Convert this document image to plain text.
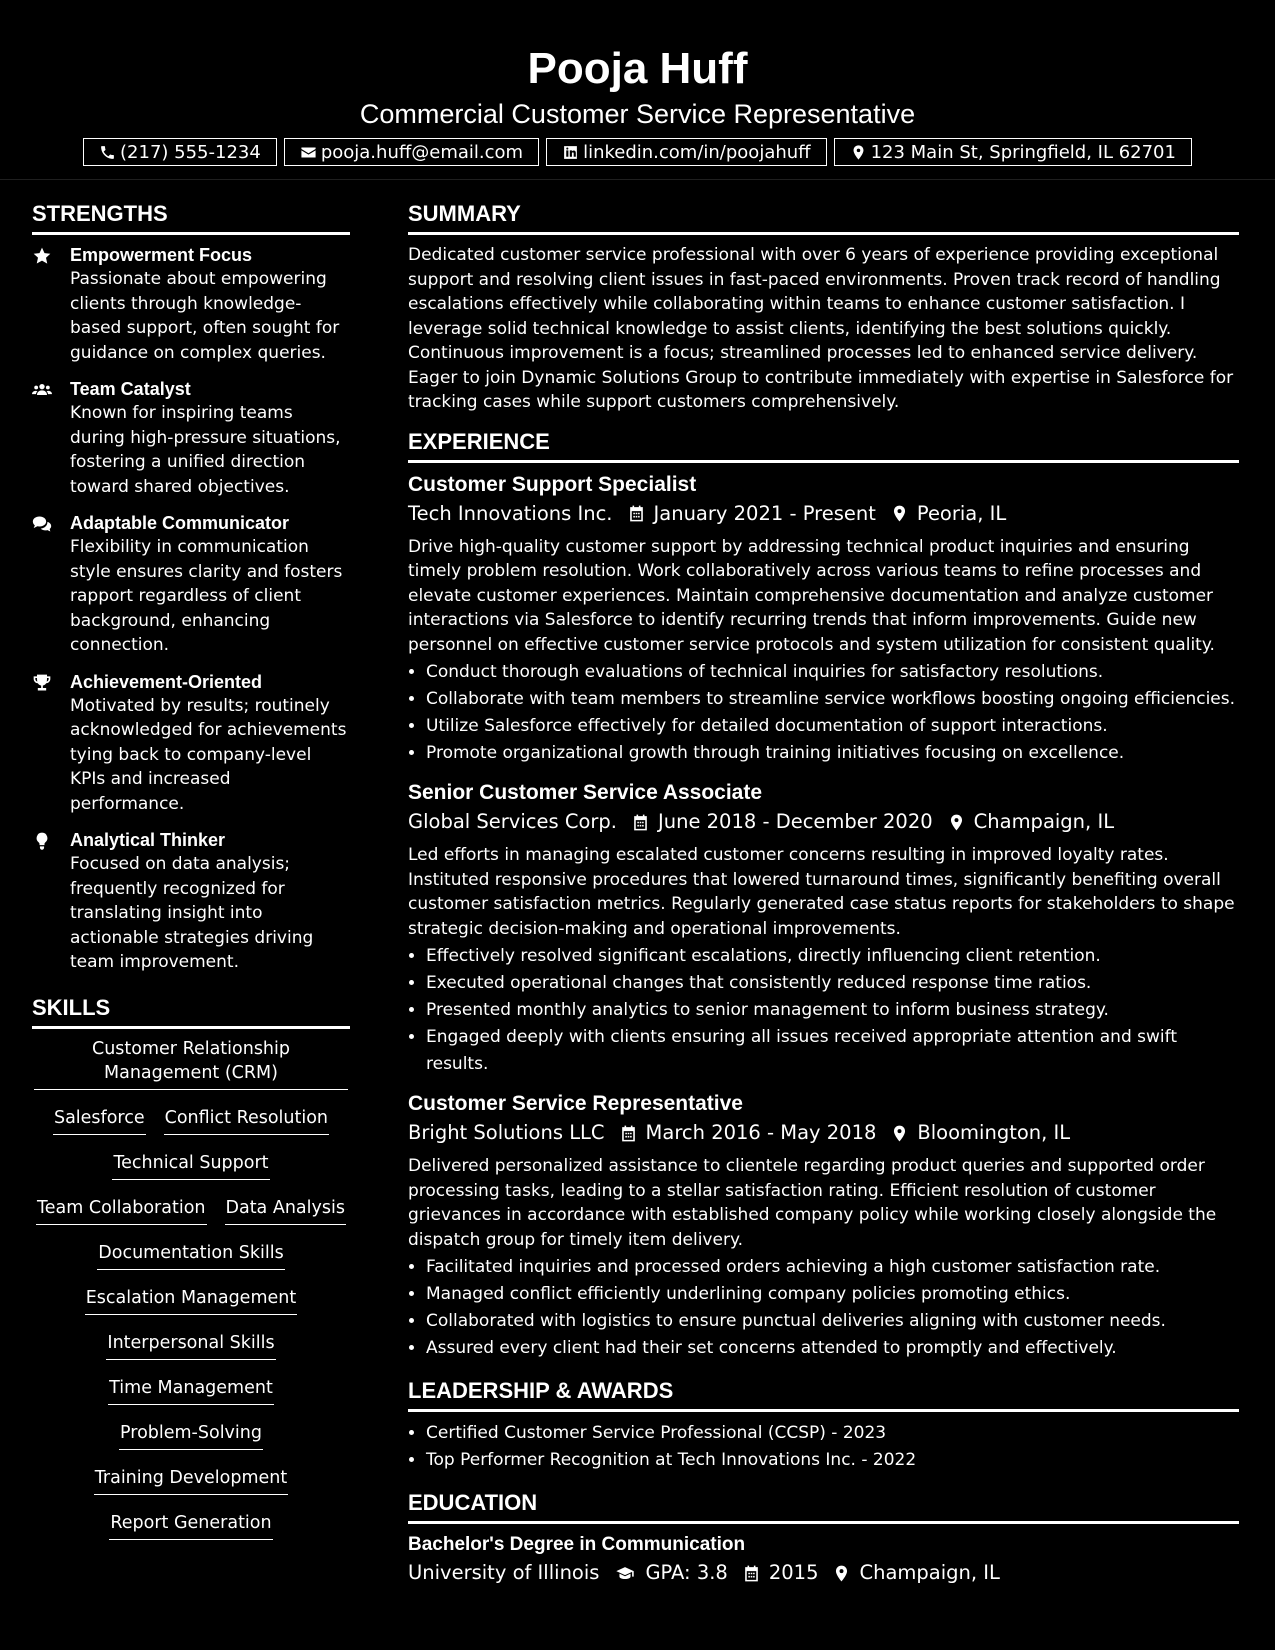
Pooja Huff
Commercial Customer Service Representative
(217) 555-1234	pooja.huff@email.com	linkedin.com/in/poojahuff	123 Main St, Springfield, IL 62701
STRENGTHS
Empowerment Focus
Passionate about empowering clients through knowledge-based support, often sought for guidance on complex queries.
Team Catalyst
Known for inspiring teams during high-pressure situations, fostering a unified direction toward shared objectives.
Adaptable Communicator
Flexibility in communication style ensures clarity and fosters rapport regardless of client background, enhancing connection.
Achievement-Oriented
Motivated by results; routinely acknowledged for achievements tying back to company-level KPIs and increased performance.
Analytical Thinker
Focused on data analysis; frequently recognized for translating insight into actionable strategies driving team improvement.
SKILLS
Customer Relationship Management (CRM)
Salesforce Conflict Resolution
Technical Support
Team Collaboration Data Analysis
Documentation Skills
Escalation Management
Interpersonal Skills
Time Management
Problem-Solving
Training Development
Report Generation
SUMMARY
Dedicated customer service professional with over 6 years of experience providing exceptional support and resolving client issues in fast-paced environments. Proven track record of handling escalations effectively while collaborating within teams to enhance customer satisfaction. I leverage solid technical knowledge to assist clients, identifying the best solutions quickly. Continuous improvement is a focus; streamlined processes led to enhanced service delivery. Eager to join Dynamic Solutions Group to contribute immediately with expertise in Salesforce for tracking cases while support customers comprehensively.
EXPERIENCE
Customer Support Specialist
Tech Innovations Inc. January 2021 - Present Peoria, IL
Drive high-quality customer support by addressing technical product inquiries and ensuring timely problem resolution. Work collaboratively across various teams to refine processes and elevate customer experiences. Maintain comprehensive documentation and analyze customer interactions via Salesforce to identify recurring trends that inform improvements. Guide new personnel on effective customer service protocols and system utilization for consistent quality.
• Conduct thorough evaluations of technical inquiries for satisfactory resolutions.
• Collaborate with team members to streamline service workflows boosting ongoing efficiencies.
• Utilize Salesforce effectively for detailed documentation of support interactions.
• Promote organizational growth through training initiatives focusing on excellence.
Senior Customer Service Associate
Global Services Corp. June 2018 - December 2020 Champaign, IL
Led efforts in managing escalated customer concerns resulting in improved loyalty rates. Instituted responsive procedures that lowered turnaround times, significantly benefiting overall customer satisfaction metrics. Regularly generated case status reports for stakeholders to shape strategic decision-making and operational improvements.
• Effectively resolved significant escalations, directly influencing client retention.
• Executed operational changes that consistently reduced response time ratios.
• Presented monthly analytics to senior management to inform business strategy.
• Engaged deeply with clients ensuring all issues received appropriate attention and swift results.
Customer Service Representative
Bright Solutions LLC March 2016 - May 2018 Bloomington, IL
Delivered personalized assistance to clientele regarding product queries and supported order processing tasks, leading to a stellar satisfaction rating. Efficient resolution of customer grievances in accordance with established company policy while working closely alongside the dispatch group for timely item delivery.
• Facilitated inquiries and processed orders achieving a high customer satisfaction rate.
• Managed conflict efficiently underlining company policies promoting ethics.
• Collaborated with logistics to ensure punctual deliveries aligning with customer needs.
• Assured every client had their set concerns attended to promptly and effectively.
LEADERSHIP & AWARDS
• Certified Customer Service Professional (CCSP) - 2023
• Top Performer Recognition at Tech Innovations Inc. - 2022
EDUCATION
Bachelor's Degree in Communication
University of Illinois GPA: 3.8 2015 Champaign, IL
